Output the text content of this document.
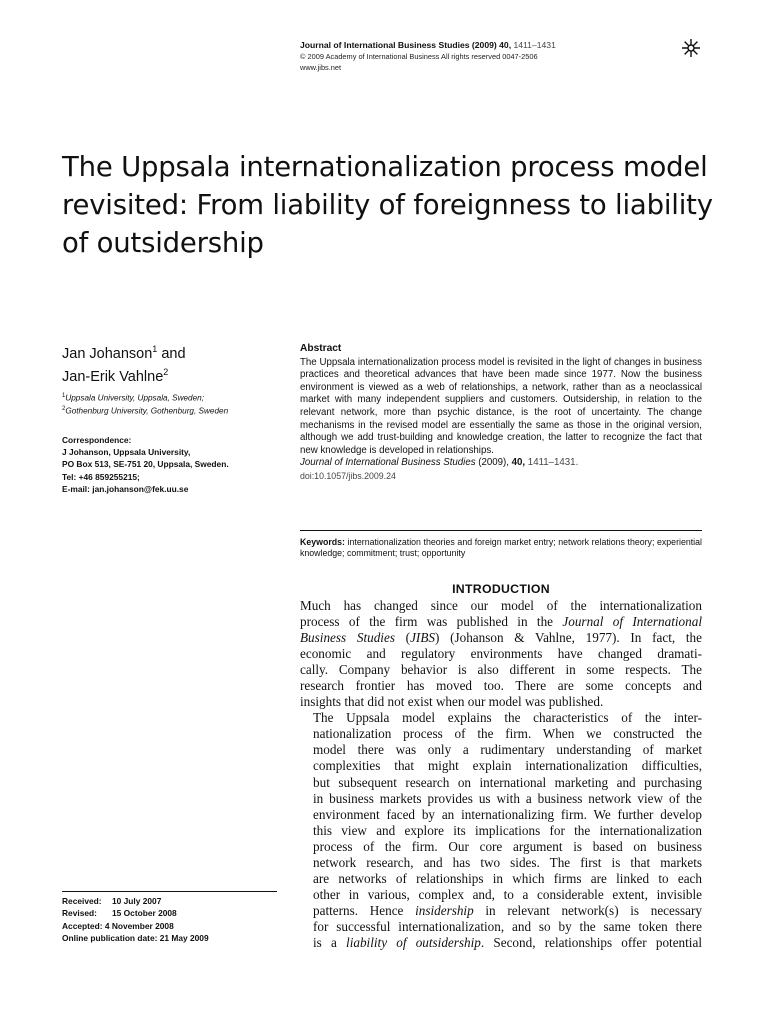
Journal of International Business Studies (2009) 40, 1411–1431
© 2009 Academy of International Business All rights reserved 0047-2506
www.jibs.net
The Uppsala internationalization process model
revisited: From liability of foreignness to liability
of outsidership
Jan Johanson$^1$ and
Jan-Erik Vahlne$^2$
$^1$Uppsala University, Uppsala, Sweden;
$^2$Gothenburg University, Gothenburg, Sweden
Correspondence:
J Johanson, Uppsala University,
PO Box 513, SE-751 20, Uppsala, Sweden.
Tel: +46 859255215;
E-mail: jan.johanson@fek.uu.se
Received: 10 July 2007
Revised: 15 October 2008
Accepted: 4 November 2008
Online publication date: 21 May 2009
Abstract
The Uppsala internationalization process model is revisited in the light of changes in business practices and theoretical advances that have been made since 1977. Now the business environment is viewed as a web of relationships, a network, rather than as a neoclassical market with many independent suppliers and customers. Outsidership, in relation to the relevant network, more than psychic distance, is the root of uncertainty. The change mechanisms in the revised model are essentially the same as those in the original version, although we add trust-building and knowledge creation, the latter to recognize the fact that new knowledge is developed in relationships.
Journal of International Business Studies (2009), 40, 1411–1431.
doi:10.1057/jibs.2009.24
Keywords: internationalization theories and foreign market entry; network relations theory; experiential knowledge; commitment; trust; opportunity
INTRODUCTION

Much has changed since our model of the internationalization
process of the firm was published in the Journal of International
Business Studies (JIBS) (Johanson & Vahlne, 1977). In fact, the
economic and regulatory environments have changed dramati-
cally. Company behavior is also different in some respects. The
research frontier has moved too. There are some concepts and
insights that did not exist when our model was published.

The Uppsala model explains the characteristics of the inter-
nationalization process of the firm. When we constructed the
model there was only a rudimentary understanding of market
complexities that might explain internationalization difficulties,
but subsequent research on international marketing and purchasing
in business markets provides us with a business network view of the
environment faced by an internationalizing firm. We further develop
this view and explore its implications for the internationalization
process of the firm. Our core argument is based on business
network research, and has two sides. The first is that markets
are networks of relationships in which firms are linked to each
other in various, complex and, to a considerable extent, invisible
patterns. Hence insidership in relevant network(s) is necessary
for successful internationalization, and so by the same token there
is a liability of outsidership. Second, relationships offer potential
